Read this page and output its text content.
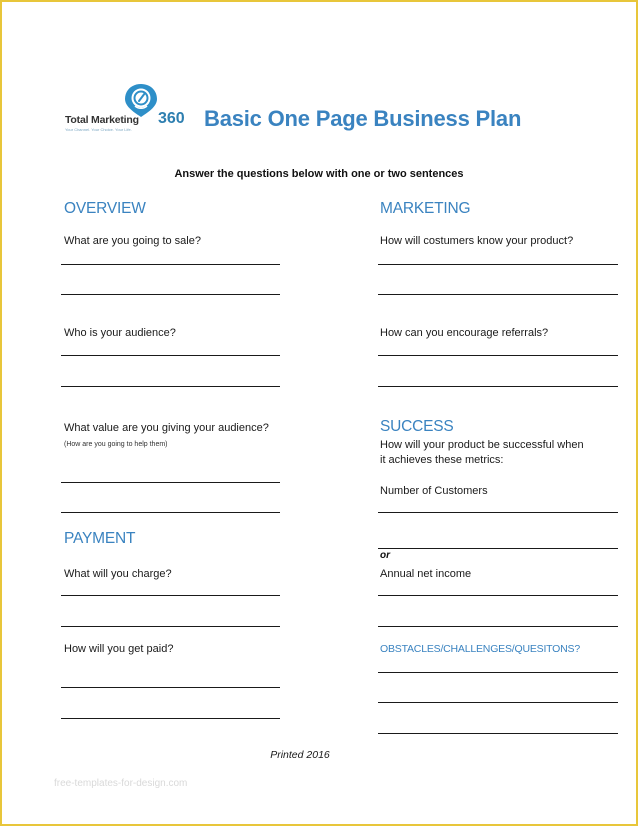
Total Marketing 360
Your Channel. Your Choice. Your Life.	Basic One Page Business Plan
Answer the questions below with one or two sentences
OVERVIEW
What are you going to sale?
Who is your audience?
What value are you giving your audience?
(How are you going to help them)
PAYMENT
What will you charge?
How will you get paid?
MARKETING
How will costumers know your product?
How can you encourage referrals?
SUCCESS
How will your product be successful when
it achieves these metrics:
Number of Customers
or
Annual net income
OBSTACLES/CHALLENGES/QUESITONS?
Printed 2016
free-templates-for-design.com
